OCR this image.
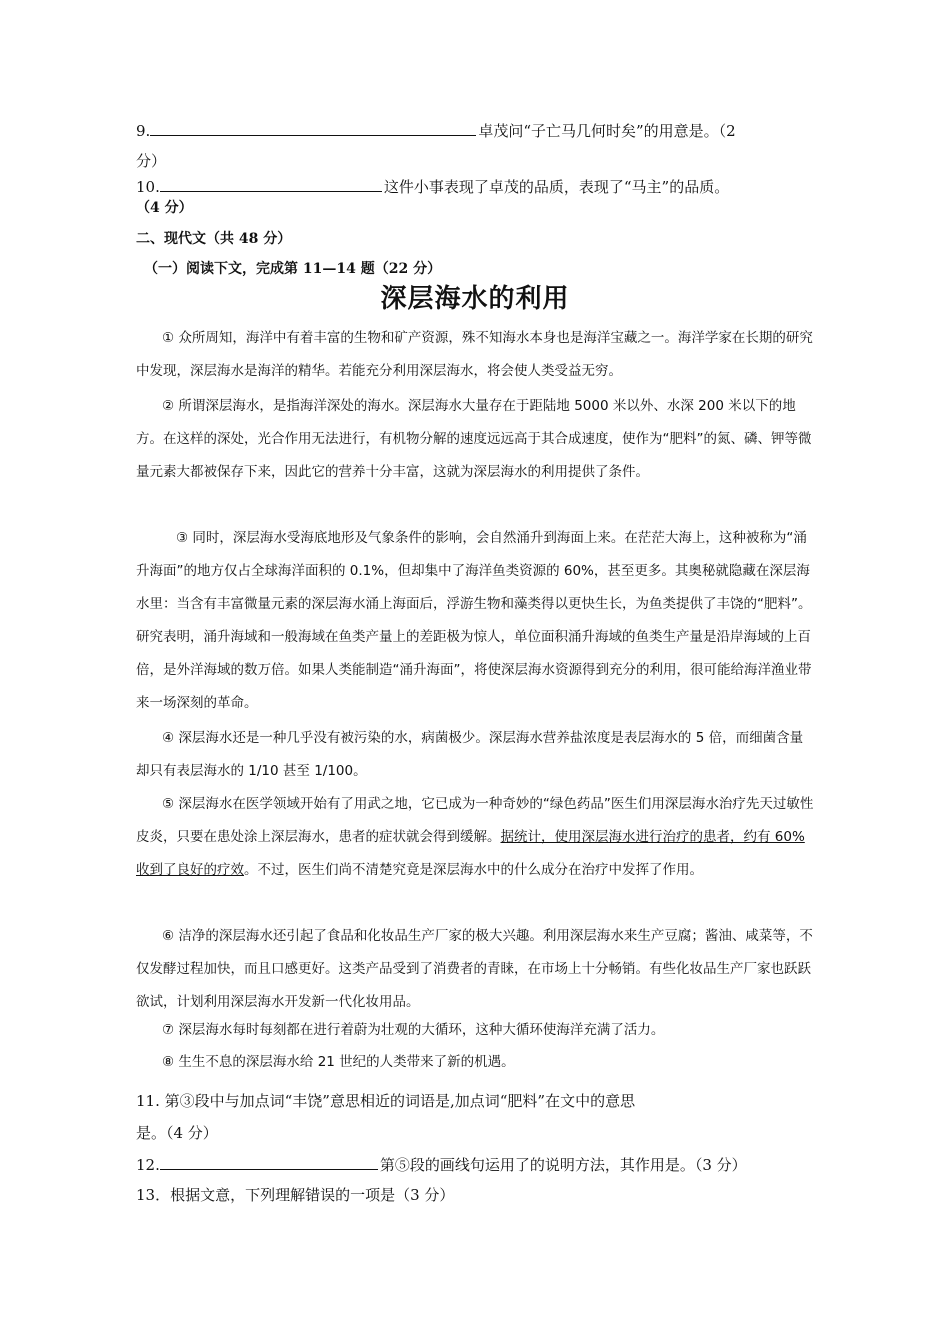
9.	卓茂问“子亡马几何时矣”的用意是。（2
分）
10.	这件小事表现了卓茂的品质，表现了“马主”的品质。
（4 分）
二、现代文（共 48 分）
（一）阅读下文，完成第 11—14 题（22 分）
深层海水的利用
① 众所周知，海洋中有着丰富的生物和矿产资源，殊不知海水本身也是海洋宝藏之一。海洋学家在长期的研究中发现，深层海水是海洋的精华。若能充分利用深层海水，将会使人类受益无穷。
② 所谓深层海水，是指海洋深处的海水。深层海水大量存在于距陆地 5000 米以外、水深 200 米以下的地方。在这样的深处，光合作用无法进行，有机物分解的速度远远高于其合成速度，使作为“肥料”的氮、磷、钾等微量元素大都被保存下来，因此它的营养十分丰富，这就为深层海水的利用提供了条件。
③ 同时，深层海水受海底地形及气象条件的影响，会自然涌升到海面上来。在茫茫大海上，这种被称为“涌升海面”的地方仅占全球海洋面积的 0.1%，但却集中了海洋鱼类资源的 60%，甚至更多。其奥秘就隐藏在深层海水里：当含有丰富微量元素的深层海水涌上海面后，浮游生物和藻类得以更快生长，为鱼类提供了丰饶的“肥料”。研究表明，涌升海域和一般海域在鱼类产量上的差距极为惊人，单位面积涌升海域的鱼类生产量是沿岸海域的上百倍，是外洋海域的数万倍。如果人类能制造“涌升海面”，将使深层海水资源得到充分的利用，很可能给海洋渔业带来一场深刻的革命。
④ 深层海水还是一种几乎没有被污染的水，病菌极少。深层海水营养盐浓度是表层海水的 5 倍，而细菌含量却只有表层海水的 1/10 甚至 1/100。
⑤ 深层海水在医学领域开始有了用武之地，它已成为一种奇妙的“绿色药品”医生们用深层海水治疗先天过敏性皮炎，只要在患处涂上深层海水，患者的症状就会得到缓解。据统计，使用深层海水进行治疗的患者，约有 60%收到了良好的疗效。不过，医生们尚不清楚究竟是深层海水中的什么成分在治疗中发挥了作用。
⑥ 洁净的深层海水还引起了食品和化妆品生产厂家的极大兴趣。利用深层海水来生产豆腐；酱油、咸菜等，不仅发酵过程加快，而且口感更好。这类产品受到了消费者的青睐，在市场上十分畅销。有些化妆品生产厂家也跃跃欲试，计划利用深层海水开发新一代化妆用品。
⑦ 深层海水每时每刻都在进行着蔚为壮观的大循环，这种大循环使海洋充满了活力。
⑧ 生生不息的深层海水给 21 世纪的人类带来了新的机遇。
11. 第③段中与加点词“丰饶”意思相近的词语是,加点词“肥料”在文中的意思
是。（4 分）
12.	第⑤段的画线句运用了的说明方法，其作用是。（3 分）
13．根据文意，下列理解错误的一项是（3 分）
